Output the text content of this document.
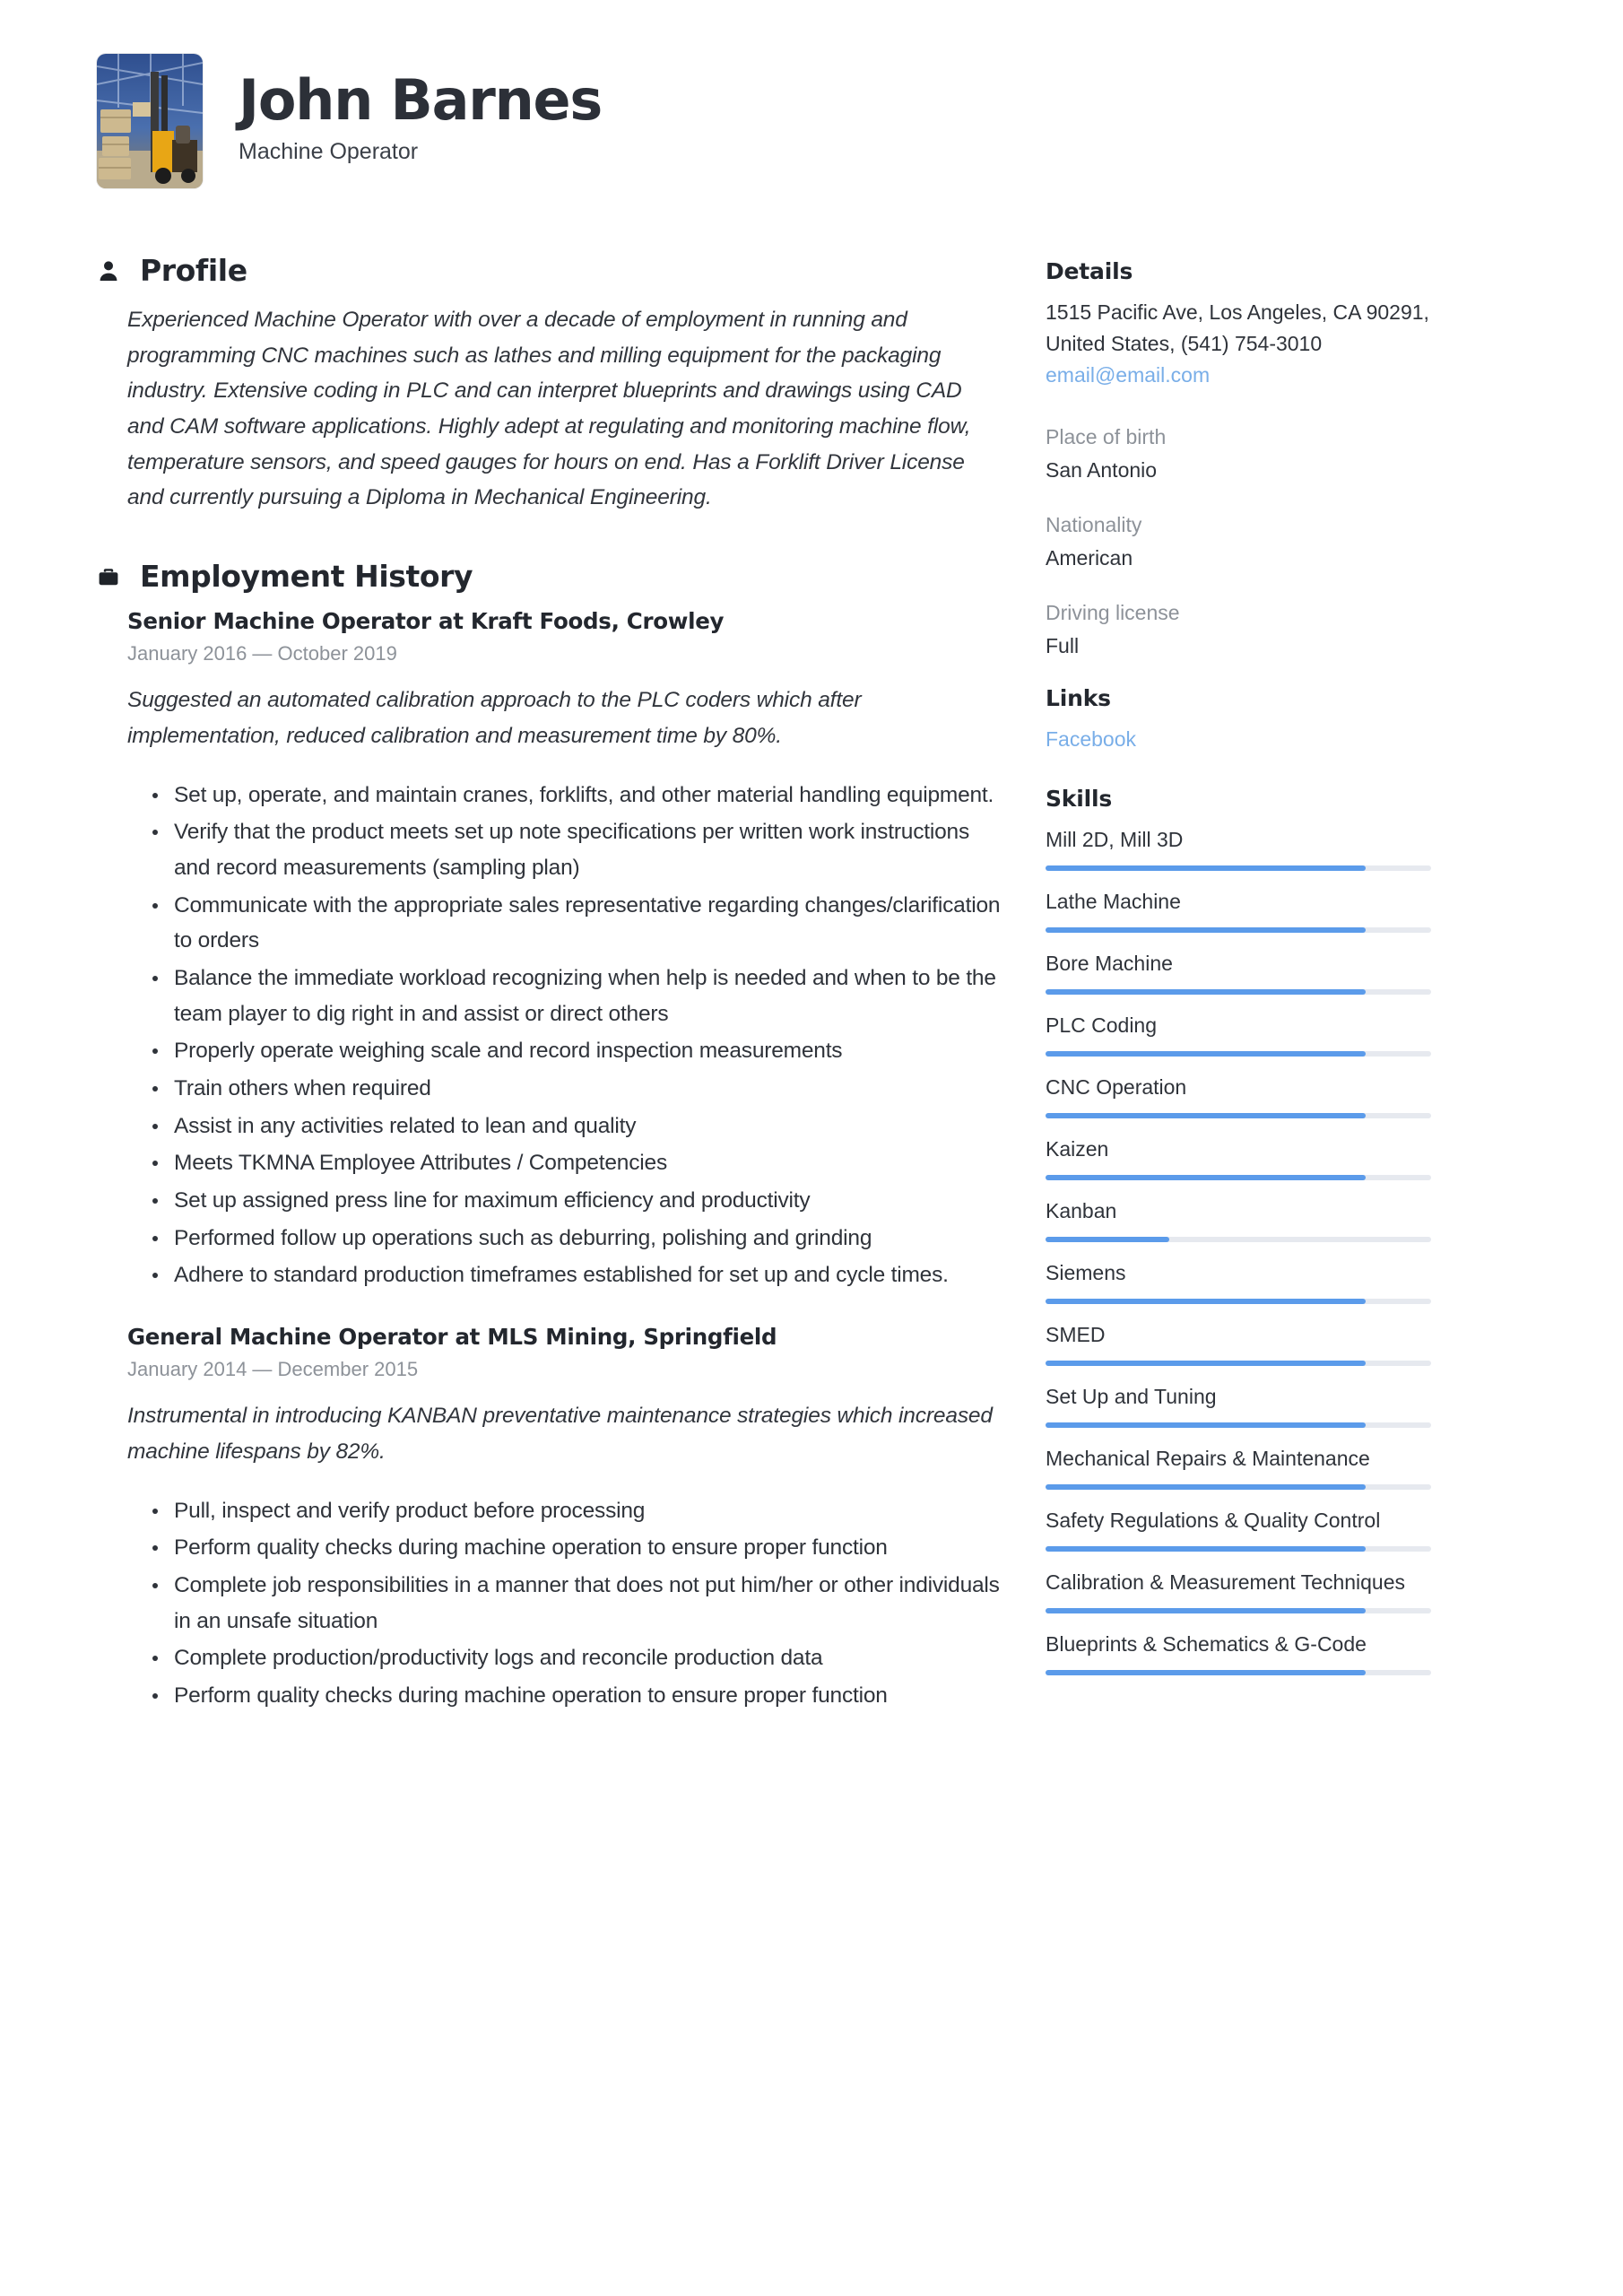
John Barnes
Machine Operator
Profile
Experienced Machine Operator with over a decade of employment in running and programming CNC machines such as lathes and milling equipment for the packaging industry. Extensive coding in PLC and can interpret blueprints and drawings using CAD and CAM software applications. Highly adept at regulating and monitoring machine flow, temperature sensors, and speed gauges for hours on end. Has a Forklift Driver License and currently pursuing a Diploma in Mechanical Engineering.
Employment History
Senior Machine Operator at Kraft Foods, Crowley
January 2016 — October 2019
Suggested an automated calibration approach to the PLC coders which after implementation, reduced calibration and measurement time by 80%.
Set up, operate, and maintain cranes, forklifts, and other material handling equipment.
Verify that the product meets set up note specifications per written work instructions and record measurements (sampling plan)
Communicate with the appropriate sales representative regarding changes/clarification to orders
Balance the immediate workload recognizing when help is needed and when to be the team player to dig right in and assist or direct others
Properly operate weighing scale and record inspection measurements
Train others when required
Assist in any activities related to lean and quality
Meets TKMNA Employee Attributes / Competencies
Set up assigned press line for maximum efficiency and productivity
Performed follow up operations such as deburring, polishing and grinding
Adhere to standard production timeframes established for set up and cycle times.
General Machine Operator at MLS Mining, Springfield
January 2014 — December 2015
Instrumental in introducing KANBAN preventative maintenance strategies which increased machine lifespans by 82%.
Pull, inspect and verify product before processing
Perform quality checks during machine operation to ensure proper function
Complete job responsibilities in a manner that does not put him/her or other individuals in an unsafe situation
Complete production/productivity logs and reconcile production data
Perform quality checks during machine operation to ensure proper function
Details
1515 Pacific Ave, Los Angeles, CA 90291, United States, (541) 754-3010
email@email.com
Place of birth
San Antonio
Nationality
American
Driving license
Full
Links
Facebook
Skills
Mill 2D, Mill 3D
Lathe Machine
Bore Machine
PLC Coding
CNC Operation
Kaizen
Kanban
Siemens
SMED
Set Up and Tuning
Mechanical Repairs & Maintenance
Safety Regulations & Quality Control
Calibration & Measurement Techniques
Blueprints & Schematics & G-Code
